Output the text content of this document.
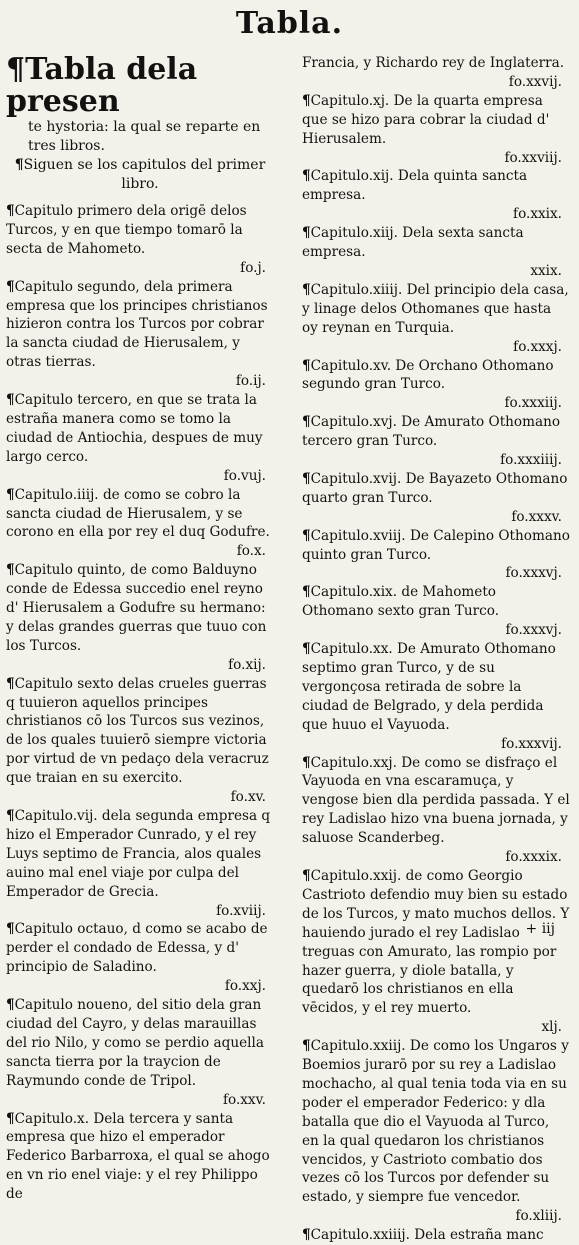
Tabla.

¶Tabla dela presen

te hystoria: la qual se reparte en tres libros.

¶Siguen se los capitulos del primer libro.

¶Capitulo primero dela origē delos Turcos, y en que tiempo tomarō la secta de Mahometo.
fo.j.

¶Capitulo segundo, dela primera empresa que los principes christianos hizieron contra los Turcos por cobrar la sancta ciudad de Hierusalem, y otras tierras.
fo.ij.

¶Capitulo tercero, en que se trata la estraña manera como se tomo la ciudad de Antiochia, despues de muy largo cerco.
fo.vuj.

¶Capitulo.iiij. de como se cobro la sancta ciudad de Hierusalem, y se corono en ella por rey el duq Godufre.
fo.x.

¶Capitulo quinto, de como Balduyno conde de Edessa succedio enel reyno d' Hierusalem a Godufre su hermano: y delas grandes guerras que tuuo con los Turcos.
fo.xij.

¶Capitulo sexto delas crueles guerras q tuuieron aquellos principes christianos cō los Turcos sus vezinos, de los quales tuuierō siempre victoria por virtud de vn pedaço dela veracruz que traian en su exercito.
fo.xv.

¶Capitulo.vij. dela segunda empresa q hizo el Emperador Cunrado, y el rey Luys septimo de Francia, alos quales auino mal enel viaje por culpa del Emperador de Grecia.
fo.xviij.

¶Capitulo octauo, d como se acabo de perder el condado de Edessa, y d' principio de Saladino.
fo.xxj.

¶Capitulo noueno, del sitio dela gran ciudad del Cayro, y delas marauillas del rio Nilo, y como se perdio aquella sancta tierra por la traycion de Raymundo conde de Tripol.
fo.xxv.

¶Capitulo.x. Dela tercera y santa empresa que hizo el emperador Federico Barbarroxa, el qual se ahogo en vn rio enel viaje: y el rey Philippo de

Francia, y Richardo rey de Inglaterra.
fo.xxvij.

¶Capitulo.xj. De la quarta empresa que se hizo para cobrar la ciudad d' Hierusalem.
fo.xxviij.

¶Capitulo.xij. Dela quinta sancta empresa.
fo.xxix.

¶Capitulo.xiij. Dela sexta sancta empresa.
xxix.

¶Capitulo.xiiij. Del principio dela casa, y linage delos Othomanes que hasta oy reynan en Turquia.
fo.xxxj.

¶Capitulo.xv. De Orchano Othomano segundo gran Turco.
fo.xxxiij.

¶Capitulo.xvj. De Amurato Othomano tercero gran Turco.
fo.xxxiiij.

¶Capitulo.xvij. De Bayazeto Othomano quarto gran Turco.
fo.xxxv.

¶Capitulo.xviij. De Calepino Othomano quinto gran Turco.
fo.xxxvj.

¶Capitulo.xix. de Mahometo Othomano sexto gran Turco.
fo.xxxvj.

¶Capitulo.xx. De Amurato Othomano septimo gran Turco, y de su vergonçosa retirada de sobre la ciudad de Belgrado, y dela perdida que huuo el Vayuoda.
fo.xxxvij.

¶Capitulo.xxj. De como se disfraço el Vayuoda en vna escaramuça, y vengose bien dla perdida passada. Y el rey Ladislao hizo vna buena jornada, y saluose Scanderbeg.
fo.xxxix.

¶Capitulo.xxij. de como Georgio Castrioto defendio muy bien su estado de los Turcos, y mato muchos dellos. Y hauiendo jurado el rey Ladislao treguas con Amurato, las rompio por hazer guerra, y diole batalla, y quedarō los christianos en ella vēcidos, y el rey muerto.
xlj.

¶Capitulo.xxiij. De como los Ungaros y Boemios jurarō por su rey a Ladislao mochacho, al qual tenia toda via en su poder el emperador Federico: y dla batalla que dio el Vayuoda al Turco, en la qual quedaron los christianos vencidos, y Castrioto combatio dos vezes cō los Turcos por defender su estado, y siempre fue vencedor.
fo.xliij.

¶Capitulo.xxiiij. Dela estraña manc

+ iij
